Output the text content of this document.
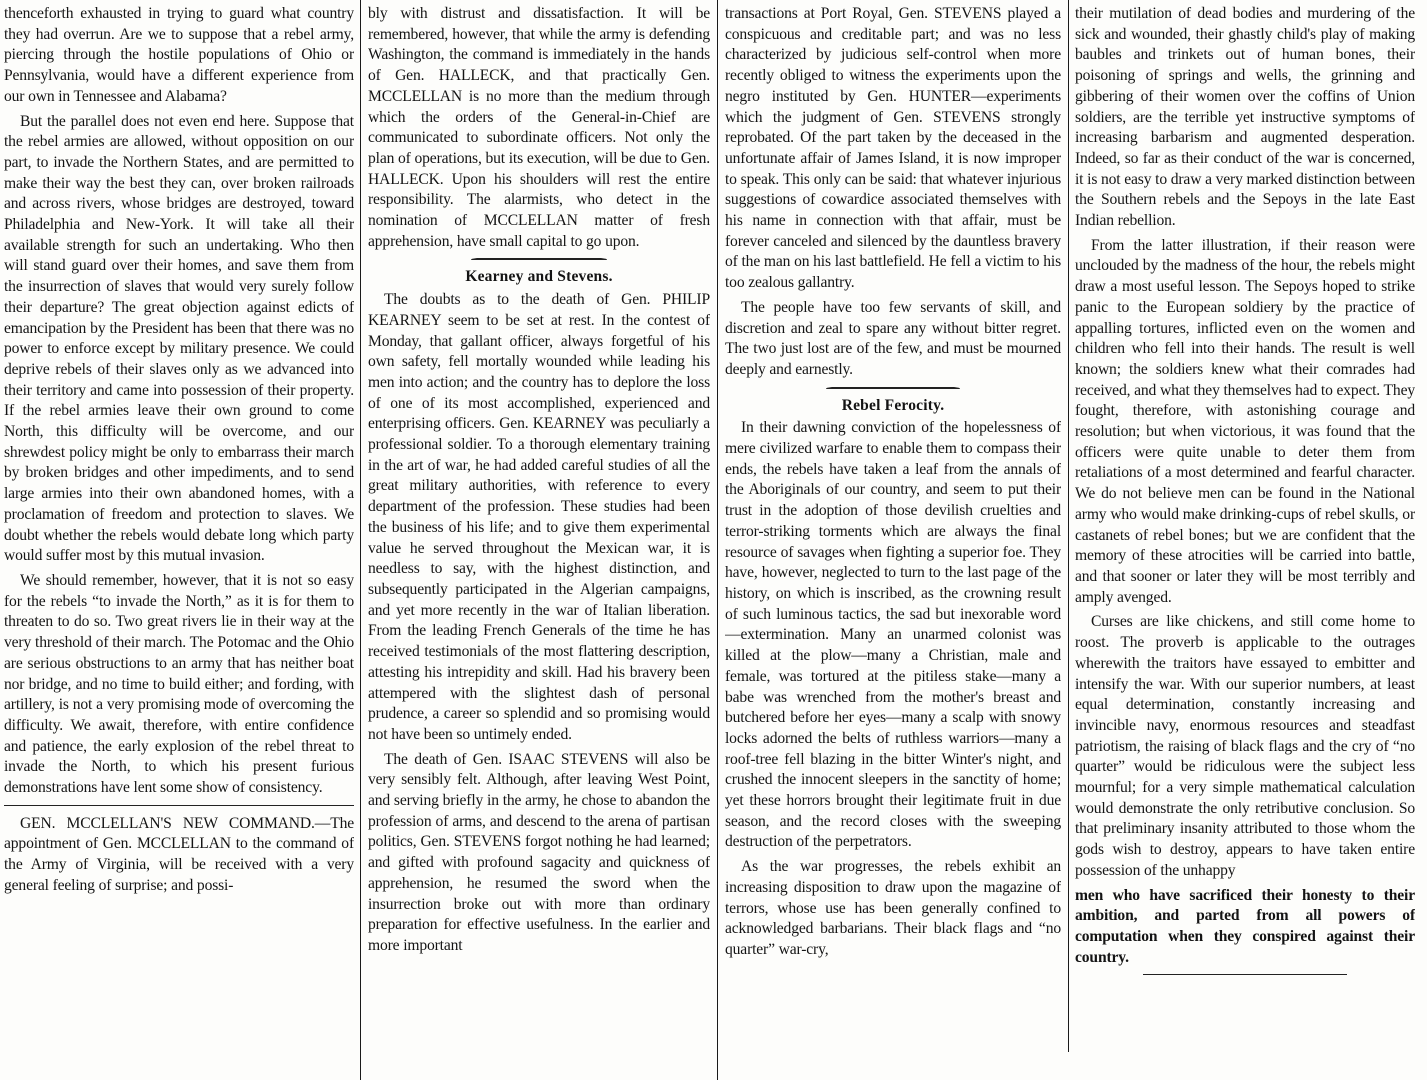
thenceforth exhausted in trying to guard what country they had overrun. Are we to suppose that a rebel army, piercing through the hostile populations of Ohio or Pennsylvania, would have a different experience from our own in Tennessee and Alabama?

But the parallel does not even end here. Suppose that the rebel armies are allowed, without opposition on our part, to invade the Northern States, and are permitted to make their way the best they can, over broken railroads and across rivers, whose bridges are destroyed, toward Philadelphia and New-York. It will take all their available strength for such an undertaking. Who then will stand guard over their homes, and save them from the insurrection of slaves that would very surely follow their departure? The great objection against edicts of emancipation by the President has been that there was no power to enforce except by military presence. We could deprive rebels of their slaves only as we advanced into their territory and came into possession of their property. If the rebel armies leave their own ground to come North, this difficulty will be overcome, and our shrewdest policy might be only to embarrass their march by broken bridges and other impediments, and to send large armies into their own abandoned homes, with a proclamation of freedom and protection to slaves. We doubt whether the rebels would debate long which party would suffer most by this mutual invasion.

We should remember, however, that it is not so easy for the rebels “to invade the North,” as it is for them to threaten to do so. Two great rivers lie in their way at the very threshold of their march. The Potomac and the Ohio are serious obstructions to an army that has neither boat nor bridge, and no time to build either; and fording, with artillery, is not a very promising mode of overcoming the difficulty. We await, therefore, with entire confidence and patience, the early explosion of the rebel threat to invade the North, to which his present furious demonstrations have lent some show of consistency.

GEN. MCCLELLAN'S NEW COMMAND.—The appointment of Gen. MCCLELLAN to the command of the Army of Virginia, will be received with a very general feeling of surprise; and possi-

bly with distrust and dissatisfaction. It will be remembered, however, that while the army is defending Washington, the command is immediately in the hands of Gen. HALLECK, and that practically Gen. MCCLELLAN is no more than the medium through which the orders of the General-in-Chief are communicated to subordinate officers. Not only the plan of operations, but its execution, will be due to Gen. HALLECK. Upon his shoulders will rest the entire responsibility. The alarmists, who detect in the nomination of MCCLELLAN matter of fresh apprehension, have small capital to go upon.

Kearney and Stevens.

The doubts as to the death of Gen. PHILIP KEARNEY seem to be set at rest. In the contest of Monday, that gallant officer, always forgetful of his own safety, fell mortally wounded while leading his men into action; and the country has to deplore the loss of one of its most accomplished, experienced and enterprising officers. Gen. KEARNEY was peculiarly a professional soldier. To a thorough elementary training in the art of war, he had added careful studies of all the great military authorities, with reference to every department of the profession. These studies had been the business of his life; and to give them experimental value he served throughout the Mexican war, it is needless to say, with the highest distinction, and subsequently participated in the Algerian campaigns, and yet more recently in the war of Italian liberation. From the leading French Generals of the time he has received testimonials of the most flattering description, attesting his intrepidity and skill. Had his bravery been attempered with the slightest dash of personal prudence, a career so splendid and so promising would not have been so untimely ended.

The death of Gen. ISAAC STEVENS will also be very sensibly felt. Although, after leaving West Point, and serving briefly in the army, he chose to abandon the profession of arms, and descend to the arena of partisan politics, Gen. STEVENS forgot nothing he had learned; and gifted with profound sagacity and quickness of apprehension, he resumed the sword when the insurrection broke out with more than ordinary preparation for effective usefulness. In the earlier and more important

transactions at Port Royal, Gen. STEVENS played a conspicuous and creditable part; and was no less characterized by judicious self-control when more recently obliged to witness the experiments upon the negro instituted by Gen. HUNTER—experiments which the judgment of Gen. STEVENS strongly reprobated. Of the part taken by the deceased in the unfortunate affair of James Island, it is now improper to speak. This only can be said: that whatever injurious suggestions of cowardice associated themselves with his name in connection with that affair, must be forever canceled and silenced by the dauntless bravery of the man on his last battlefield. He fell a victim to his too zealous gallantry.

The people have too few servants of skill, and discretion and zeal to spare any without bitter regret. The two just lost are of the few, and must be mourned deeply and earnestly.

Rebel Ferocity.

In their dawning conviction of the hopelessness of mere civilized warfare to enable them to compass their ends, the rebels have taken a leaf from the annals of the Aboriginals of our country, and seem to put their trust in the adoption of those devilish cruelties and terror-striking torments which are always the final resource of savages when fighting a superior foe. They have, however, neglected to turn to the last page of the history, on which is inscribed, as the crowning result of such luminous tactics, the sad but inexorable word—extermination. Many an unarmed colonist was killed at the plow—many a Christian, male and female, was tortured at the pitiless stake—many a babe was wrenched from the mother's breast and butchered before her eyes—many a scalp with snowy locks adorned the belts of ruthless warriors—many a roof-tree fell blazing in the bitter Winter's night, and crushed the innocent sleepers in the sanctity of home; yet these horrors brought their legitimate fruit in due season, and the record closes with the sweeping destruction of the perpetrators.

As the war progresses, the rebels exhibit an increasing disposition to draw upon the magazine of terrors, whose use has been generally confined to acknowledged barbarians. Their black flags and “no quarter” war-cry,

their mutilation of dead bodies and murdering of the sick and wounded, their ghastly child's play of making baubles and trinkets out of human bones, their poisoning of springs and wells, the grinning and gibbering of their women over the coffins of Union soldiers, are the terrible yet instructive symptoms of increasing barbarism and augmented desperation. Indeed, so far as their conduct of the war is concerned, it is not easy to draw a very marked distinction between the Southern rebels and the Sepoys in the late East Indian rebellion.

From the latter illustration, if their reason were unclouded by the madness of the hour, the rebels might draw a most useful lesson. The Sepoys hoped to strike panic to the European soldiery by the practice of appalling tortures, inflicted even on the women and children who fell into their hands. The result is well known; the soldiers knew what their comrades had received, and what they themselves had to expect. They fought, therefore, with astonishing courage and resolution; but when victorious, it was found that the officers were quite unable to deter them from retaliations of a most determined and fearful character. We do not believe men can be found in the National army who would make drinking-cups of rebel skulls, or castanets of rebel bones; but we are confident that the memory of these atrocities will be carried into battle, and that sooner or later they will be most terribly and amply avenged.

Curses are like chickens, and still come home to roost. The proverb is applicable to the outrages wherewith the traitors have essayed to embitter and intensify the war. With our superior numbers, at least equal determination, constantly increasing and invincible navy, enormous resources and steadfast patriotism, the raising of black flags and the cry of “no quarter” would be ridiculous were the subject less mournful; for a very simple mathematical calculation would demonstrate the only retributive conclusion. So that preliminary insanity attributed to those whom the gods wish to destroy, appears to have taken entire possession of the unhappy

men who have sacrificed their honesty to their ambition, and parted from all powers of computation when they conspired against their country.
